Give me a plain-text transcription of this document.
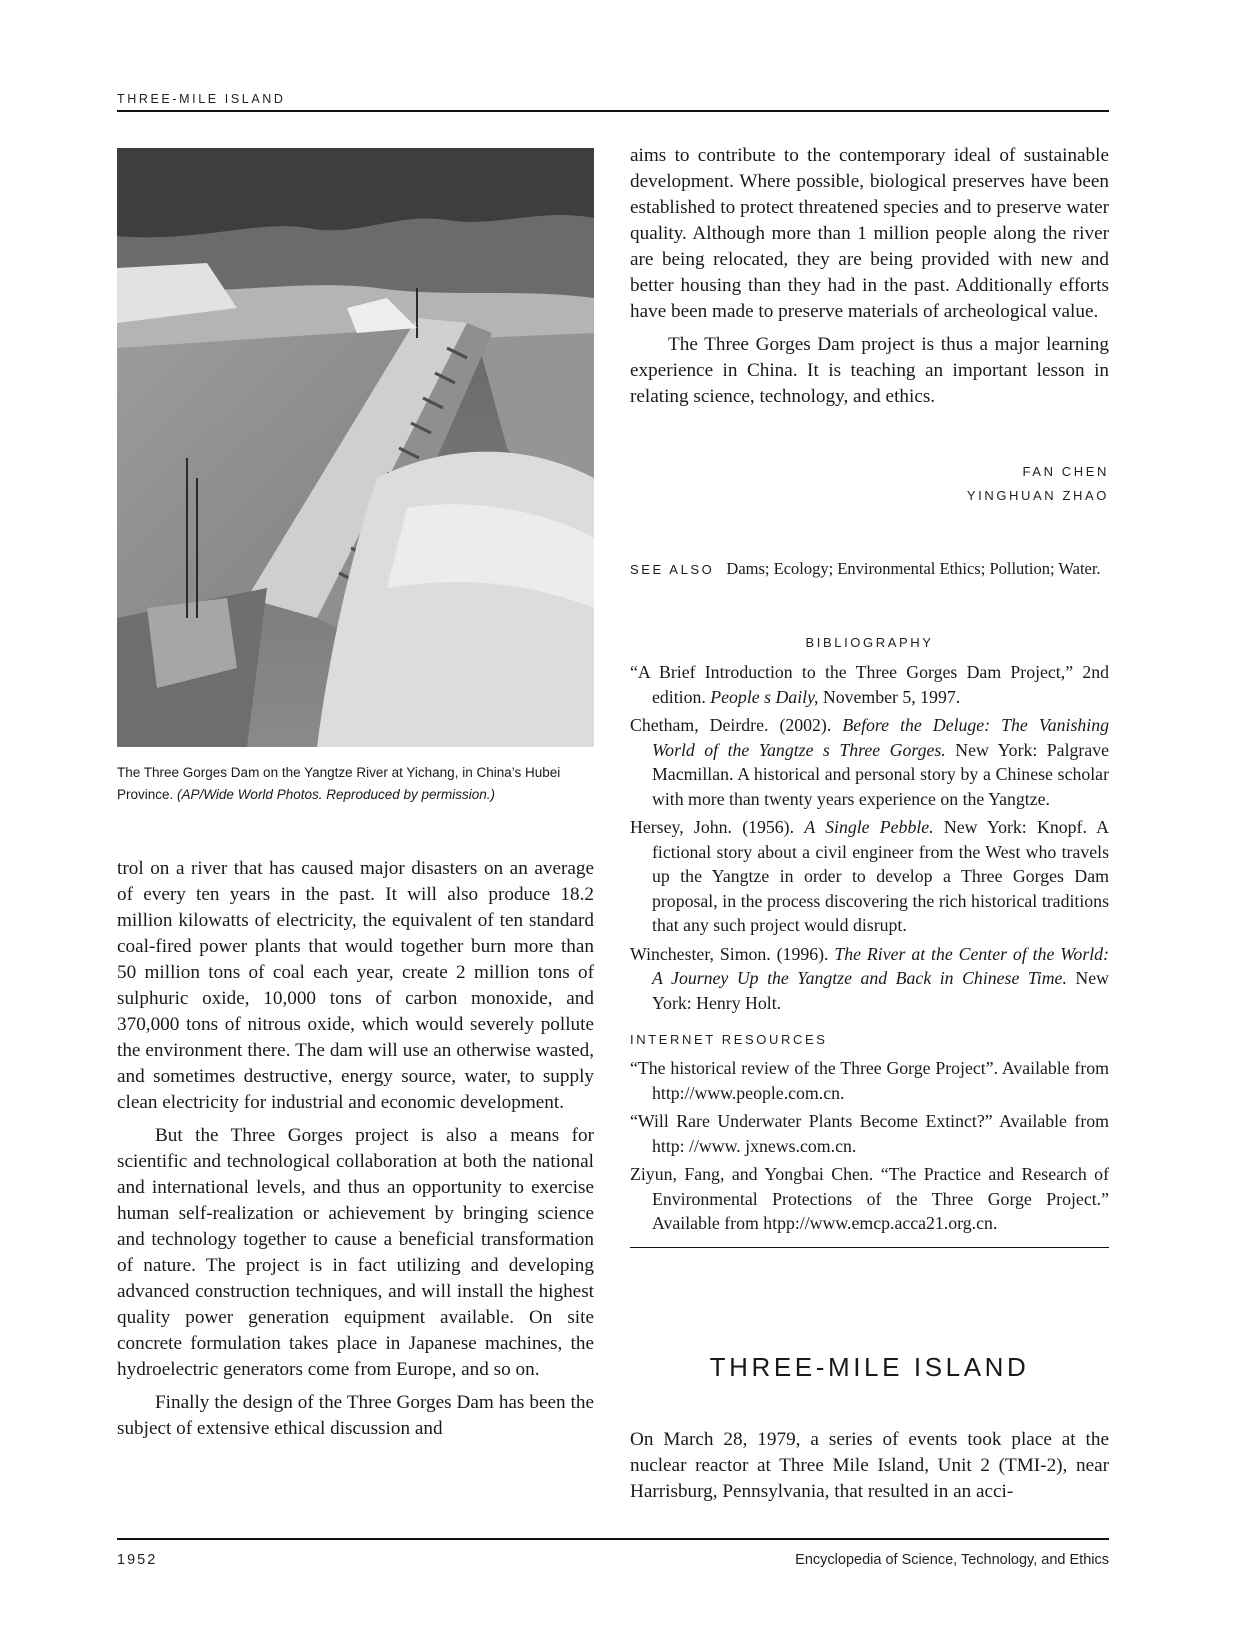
THREE-MILE ISLAND
The Three Gorges Dam on the Yangtze River at Yichang, in China’s Hubei Province. (AP/Wide World Photos. Reproduced by permission.)

trol on a river that has caused major disasters on an average of every ten years in the past. It will also produce 18.2 million kilowatts of electricity, the equivalent of ten standard coal-fired power plants that would together burn more than 50 million tons of coal each year, create 2 million tons of sulphuric oxide, 10,000 tons of carbon monoxide, and 370,000 tons of nitrous oxide, which would severely pollute the environment there. The dam will use an otherwise wasted, and sometimes destructive, energy source, water, to supply clean electricity for industrial and economic development.

But the Three Gorges project is also a means for scientific and technological collaboration at both the national and international levels, and thus an opportunity to exercise human self-realization or achievement by bringing science and technology together to cause a beneficial transformation of nature. The project is in fact utilizing and developing advanced construction techniques, and will install the highest quality power generation equipment available. On site concrete formulation takes place in Japanese machines, the hydroelectric generators come from Europe, and so on.

Finally the design of the Three Gorges Dam has been the subject of extensive ethical discussion and

aims to contribute to the contemporary ideal of sustainable development. Where possible, biological preserves have been established to protect threatened species and to preserve water quality. Although more than 1 million people along the river are being relocated, they are being provided with new and better housing than they had in the past. Additionally efforts have been made to preserve materials of archeological value.

The Three Gorges Dam project is thus a major learning experience in China. It is teaching an important lesson in relating science, technology, and ethics.

FAN CHEN
YINGHUAN ZHAO
SEE ALSO Dams; Ecology; Environmental Ethics; Pollution; Water.
BIBLIOGRAPHY
“A Brief Introduction to the Three Gorges Dam Project,” 2nd edition. People s Daily, November 5, 1997.
Chetham, Deirdre. (2002). Before the Deluge: The Vanishing World of the Yangtze s Three Gorges. New York: Palgrave Macmillan. A historical and personal story by a Chinese scholar with more than twenty years experience on the Yangtze.
Hersey, John. (1956). A Single Pebble. New York: Knopf. A fictional story about a civil engineer from the West who travels up the Yangtze in order to develop a Three Gorges Dam proposal, in the process discovering the rich historical traditions that any such project would disrupt.
Winchester, Simon. (1996). The River at the Center of the World: A Journey Up the Yangtze and Back in Chinese Time. New York: Henry Holt.
INTERNET RESOURCES
“The historical review of the Three Gorge Project”. Available from http://www.people.com.cn.
“Will Rare Underwater Plants Become Extinct?” Available from http: //www. jxnews.com.cn.
Ziyun, Fang, and Yongbai Chen. “The Practice and Research of Environmental Protections of the Three Gorge Project.” Available from htpp://www.emcp.acca21.org.cn.
THREE-MILE ISLAND

On March 28, 1979, a series of events took place at the nuclear reactor at Three Mile Island, Unit 2 (TMI-2), near Harrisburg, Pennsylvania, that resulted in an acci-

1952	Encyclopedia of Science, Technology, and Ethics
